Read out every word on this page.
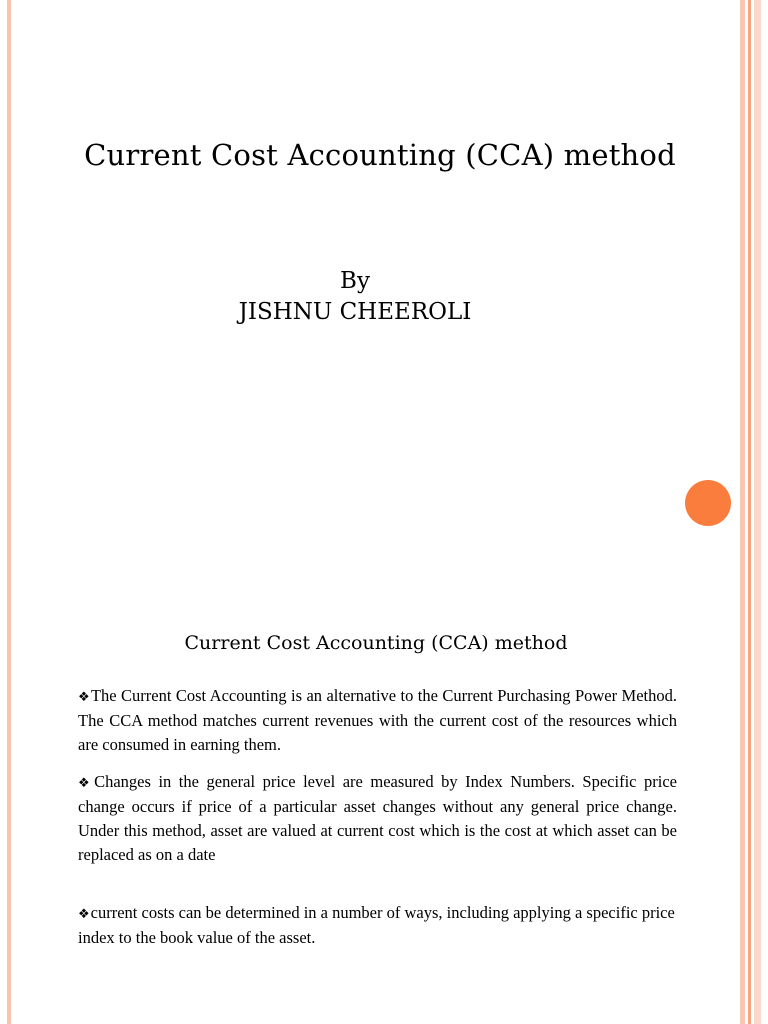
Current Cost Accounting (CCA) method
By
JISHNU CHEEROLI
Current Cost Accounting (CCA) method
❖The Current Cost Accounting is an alternative to the Current Purchasing Power Method. The CCA method matches current revenues with the current cost of the resources which are consumed in earning them.
❖Changes in the general price level are measured by Index Numbers. Specific price change occurs if price of a particular asset changes without any general price change. Under this method, asset are valued at current cost which is the cost at which asset can be replaced as on a date
❖current costs can be determined in a number of ways, including applying a specific price index to the book value of the asset.
